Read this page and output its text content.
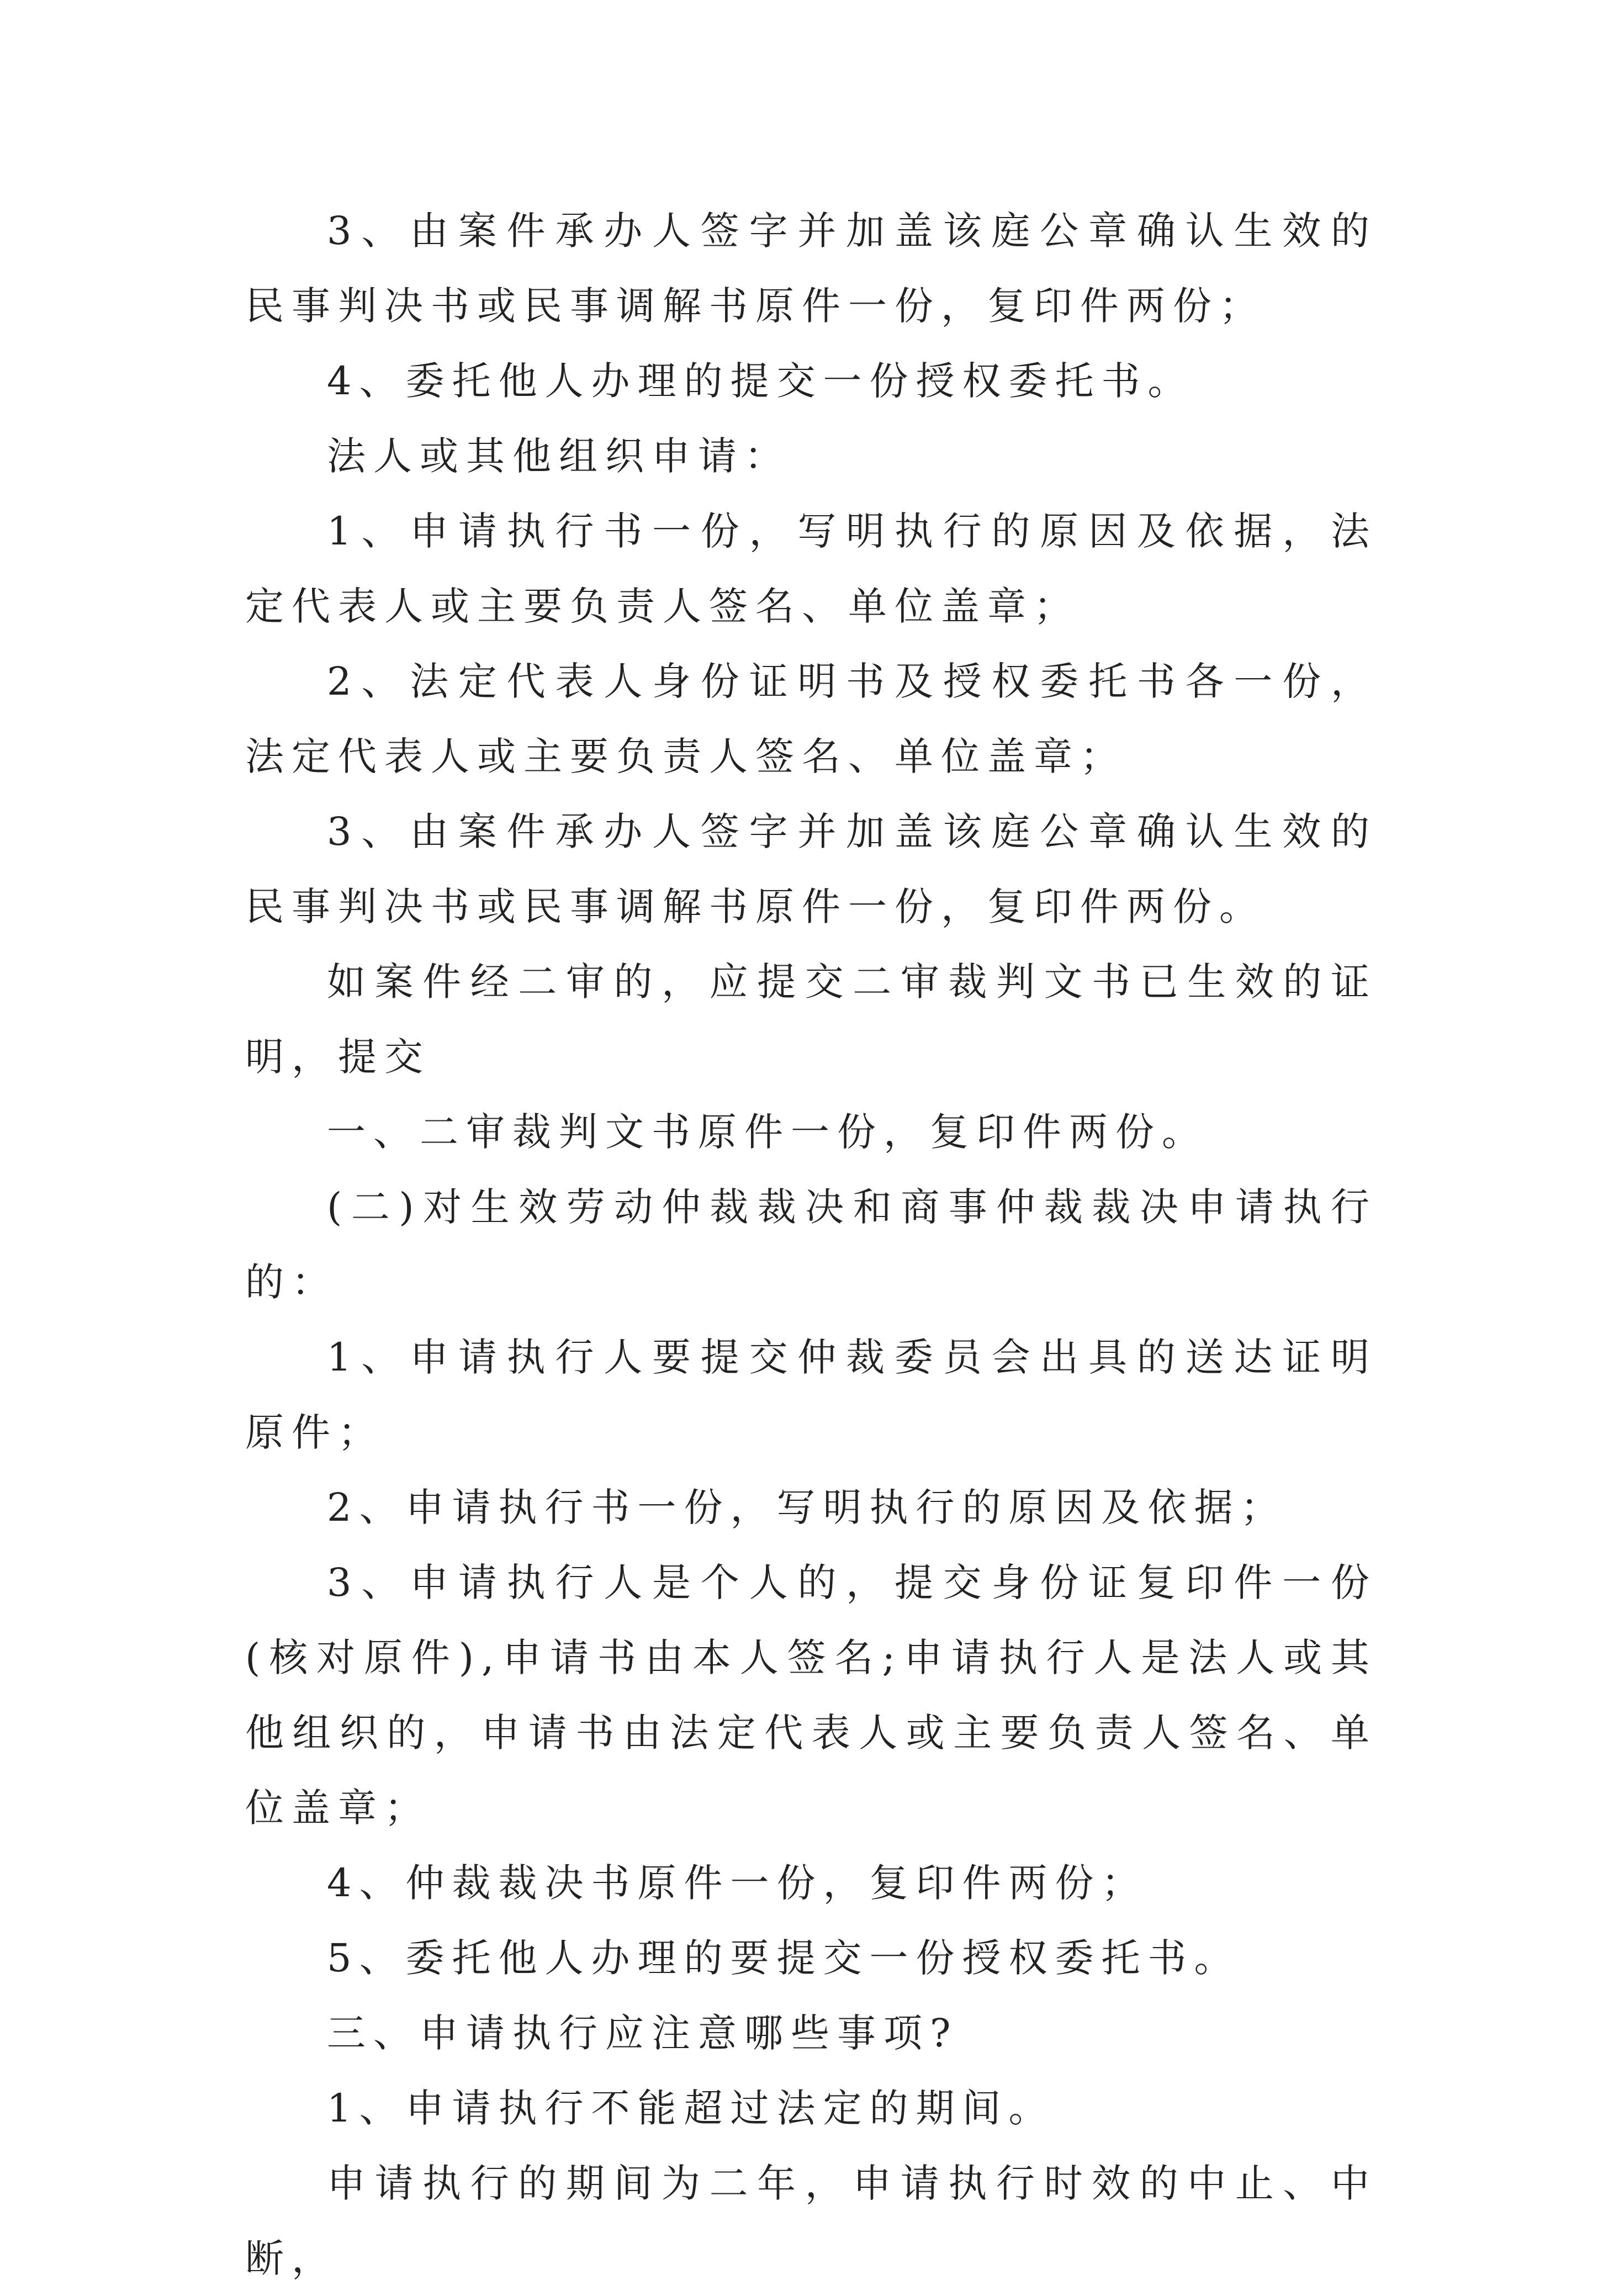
3、由案件承办人签字并加盖该庭公章确认生效的民事判决书或民事调解书原件一份，复印件两份；

4、委托他人办理的提交一份授权委托书。

法人或其他组织申请：

1、申请执行书一份，写明执行的原因及依据，法定代表人或主要负责人签名、单位盖章；

2、法定代表人身份证明书及授权委托书各一份，法定代表人或主要负责人签名、单位盖章；

3、由案件承办人签字并加盖该庭公章确认生效的民事判决书或民事调解书原件一份，复印件两份。

如案件经二审的，应提交二审裁判文书已生效的证明，提交

一、二审裁判文书原件一份，复印件两份。

(二)对生效劳动仲裁裁决和商事仲裁裁决申请执行的：

1、申请执行人要提交仲裁委员会出具的送达证明原件；

2、申请执行书一份，写明执行的原因及依据；

3、申请执行人是个人的，提交身份证复印件一份(核对原件),申请书由本人签名;申请执行人是法人或其他组织的，申请书由法定代表人或主要负责人签名、单位盖章；

4、仲裁裁决书原件一份，复印件两份；

5、委托他人办理的要提交一份授权委托书。

三、申请执行应注意哪些事项?

1、申请执行不能超过法定的期间。

申请执行的期间为二年，申请执行时效的中止、中断，
